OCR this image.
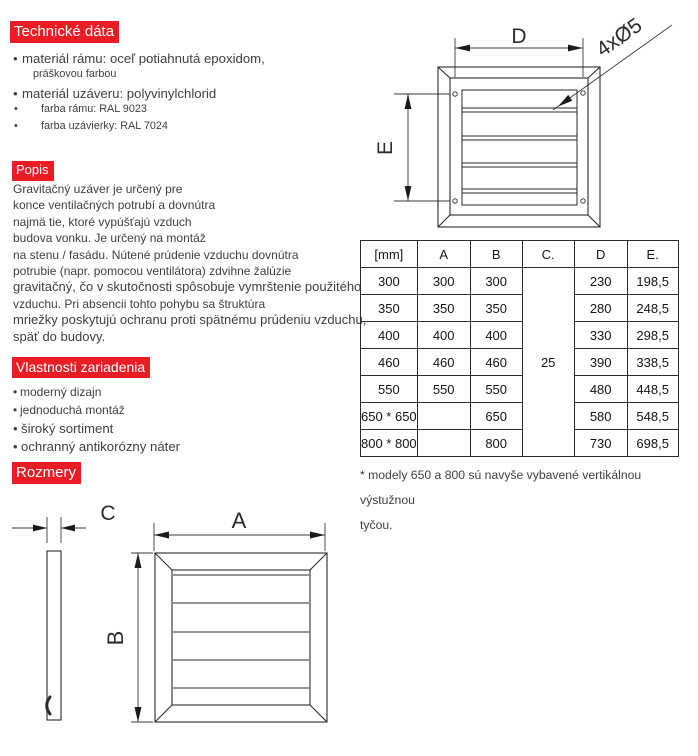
Technické dáta
• materiál rámu: oceľ potiahnutá epoxidom,
práškovou farbou
• materiál uzáveru: polyvinylchlorid
•	farba rámu: RAL 9023
•	farba uzávierky: RAL 7024
Popis
Gravitačný uzáver je určený pre
konce ventilačných potrubí a dovnútra
najmä tie, ktoré vypúšťajú vzduch
budova vonku. Je určený na montáž
na stenu / fasádu. Nútené prúdenie vzduchu dovnútra
potrubie (napr. pomocou ventilátora) zdvihne žalúzie
gravitačný, čo v skutočnosti spôsobuje vymrštenie použitého
vzduchu. Pri absencii tohto pohybu sa štruktúra
mriežky poskytujú ochranu proti spätnému prúdeniu vzduchu,
späť do budovy.
Vlastnosti zariadenia
• moderný dizajn
• jednoduchá montáž
• široký sortiment
• ochranný antikorózny náter
Rozmery
[mm]	A	B	C.	D	E.
300	300	300	25	230	198,5
350	350	350		280	248,5
400	400	400		330	298,5
460	460	460		390	338,5
550	550	550		480	448,5
650 * 650		650		580	548,5
800 * 800		800		730	698,5
* modely 650 a 800 sú navyše vybavené vertikálnou výstužnou
tyčou.
D
E
4xØ5
C	A
B
